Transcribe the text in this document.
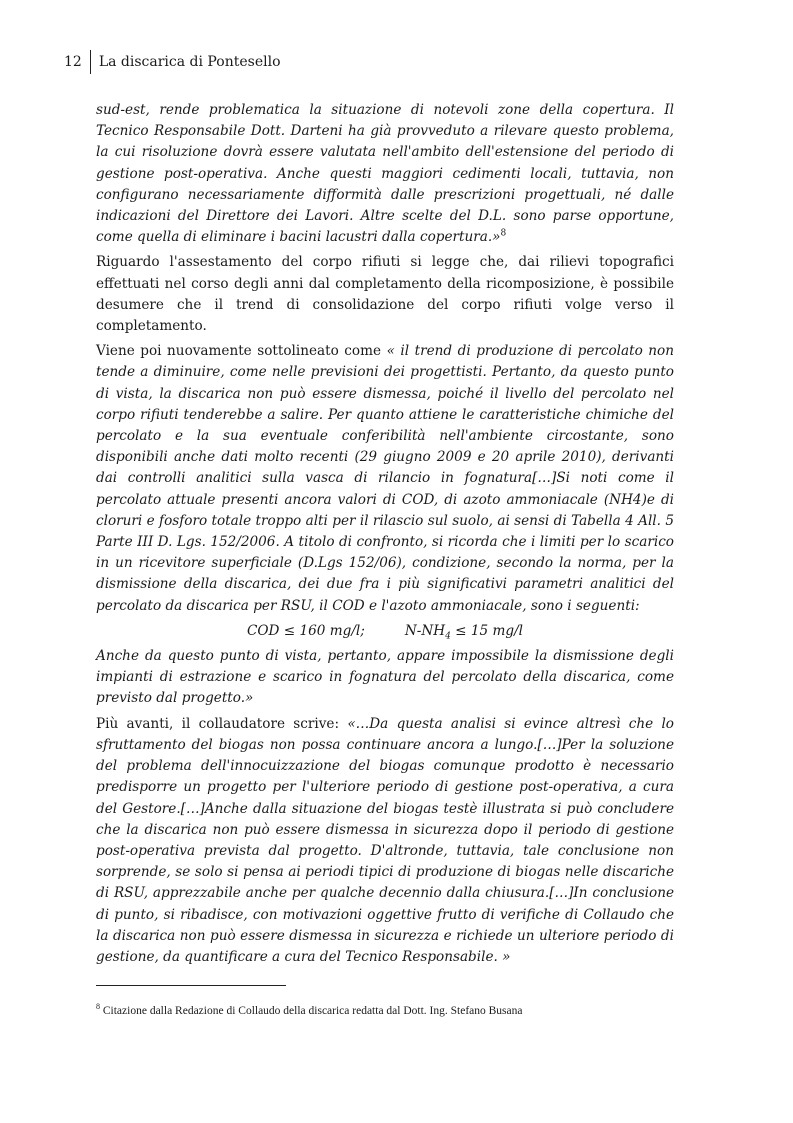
12	La discarica di Pontesello

sud-est, rende problematica la situazione di notevoli zone della copertura. Il Tecnico Responsabile Dott. Darteni ha già provveduto a rilevare questo problema, la cui risoluzione dovrà essere valutata nell'ambito dell'estensione del periodo di gestione post-operativa. Anche questi maggiori cedimenti locali, tuttavia, non configurano necessariamente difformità dalle prescrizioni progettuali, né dalle indicazioni del Direttore dei Lavori. Altre scelte del D.L. sono parse opportune, come quella di eliminare i bacini lacustri dalla copertura.»$^8$

Riguardo l'assestamento del corpo rifiuti si legge che, dai rilievi topografici effettuati nel corso degli anni dal completamento della ricomposizione, è possibile desumere che il trend di consolidazione del corpo rifiuti volge verso il completamento.

Viene poi nuovamente sottolineato come « il trend di produzione di percolato non tende a diminuire, come nelle previsioni dei progettisti. Pertanto, da questo punto di vista, la discarica non può essere dismessa, poiché il livello del percolato nel corpo rifiuti tenderebbe a salire. Per quanto attiene le caratteristiche chimiche del percolato e la sua eventuale conferibilità nell'ambiente circostante, sono disponibili anche dati molto recenti (29 giugno 2009 e 20 aprile 2010), derivanti dai controlli analitici sulla vasca di rilancio in fognatura[…]Si noti come il percolato attuale presenti ancora valori di COD, di azoto ammoniacale (NH4)e di cloruri e fosforo totale troppo alti per il rilascio sul suolo, ai sensi di Tabella 4 All. 5 Parte III D. Lgs. 152/2006. A titolo di confronto, si ricorda che i limiti per lo scarico in un ricevitore superficiale (D.Lgs 152/06), condizione, secondo la norma, per la dismissione della discarica, dei due fra i più significativi parametri analitici del percolato da discarica per RSU, il COD e l'azoto ammoniacale, sono i seguenti:

COD ≤ 160 mg/l;	$N-NH_4 \le 15$ mg/l

Anche da questo punto di vista, pertanto, appare impossibile la dismissione degli impianti di estrazione e scarico in fognatura del percolato della discarica, come previsto dal progetto.»

Più avanti, il collaudatore scrive: «…Da questa analisi si evince altresì che lo sfruttamento del biogas non possa continuare ancora a lungo.[…]Per la soluzione del problema dell'innocuizzazione del biogas comunque prodotto è necessario predisporre un progetto per l'ulteriore periodo di gestione post-operativa, a cura del Gestore.[…]Anche dalla situazione del biogas testè illustrata si può concludere che la discarica non può essere dismessa in sicurezza dopo il periodo di gestione post-operativa prevista dal progetto. D'altronde, tuttavia, tale conclusione non sorprende, se solo si pensa ai periodi tipici di produzione di biogas nelle discariche di RSU, apprezzabile anche per qualche decennio dalla chiusura.[…]In conclusione di punto, si ribadisce, con motivazioni oggettive frutto di verifiche di Collaudo che la discarica non può essere dismessa in sicurezza e richiede un ulteriore periodo di gestione, da quantificare a cura del Tecnico Responsabile. »

$^8$ Citazione dalla Redazione di Collaudo della discarica redatta dal Dott. Ing. Stefano Busana
